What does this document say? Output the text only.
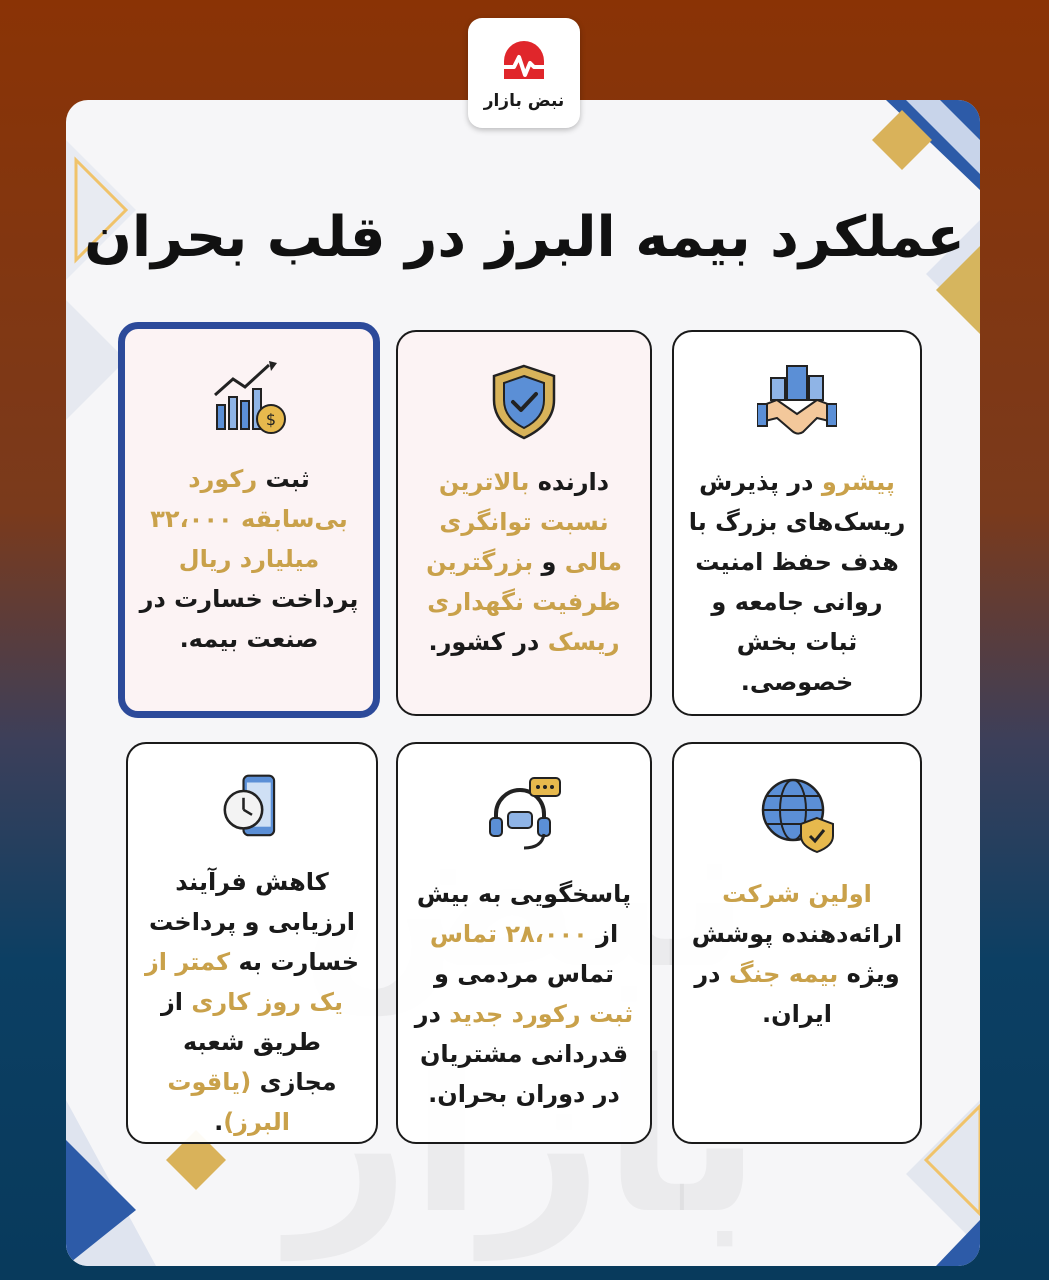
نبض بازار
عملکرد بیمه البرز در قلب بحران
پیشرو در پذیرش ریسک‌های بزرگ با هدف حفظ امنیت روانی جامعه و ثبات بخش خصوصی.
دارنده بالاترین نسبت توانگری مالی و بزرگترین ظرفیت نگهداری ریسک در کشور.
$
ثبت رکورد بی‌سابقه ۳۲،۰۰۰ میلیارد ریال پرداخت خسارت در صنعت بیمه.
اولین شرکت ارائه‌دهنده پوشش ویژه بیمه جنگ در ایران.
پاسخگویی به بیش از ۲۸،۰۰۰ تماس تماس مردمی و ثبت رکورد جدید در قدردانی مشتریان در دوران بحران.
کاهش فرآیند ارزیابی و پرداخت خسارت به کمتر از یک روز کاری از طریق شعبه مجازی (یاقوت البرز).
